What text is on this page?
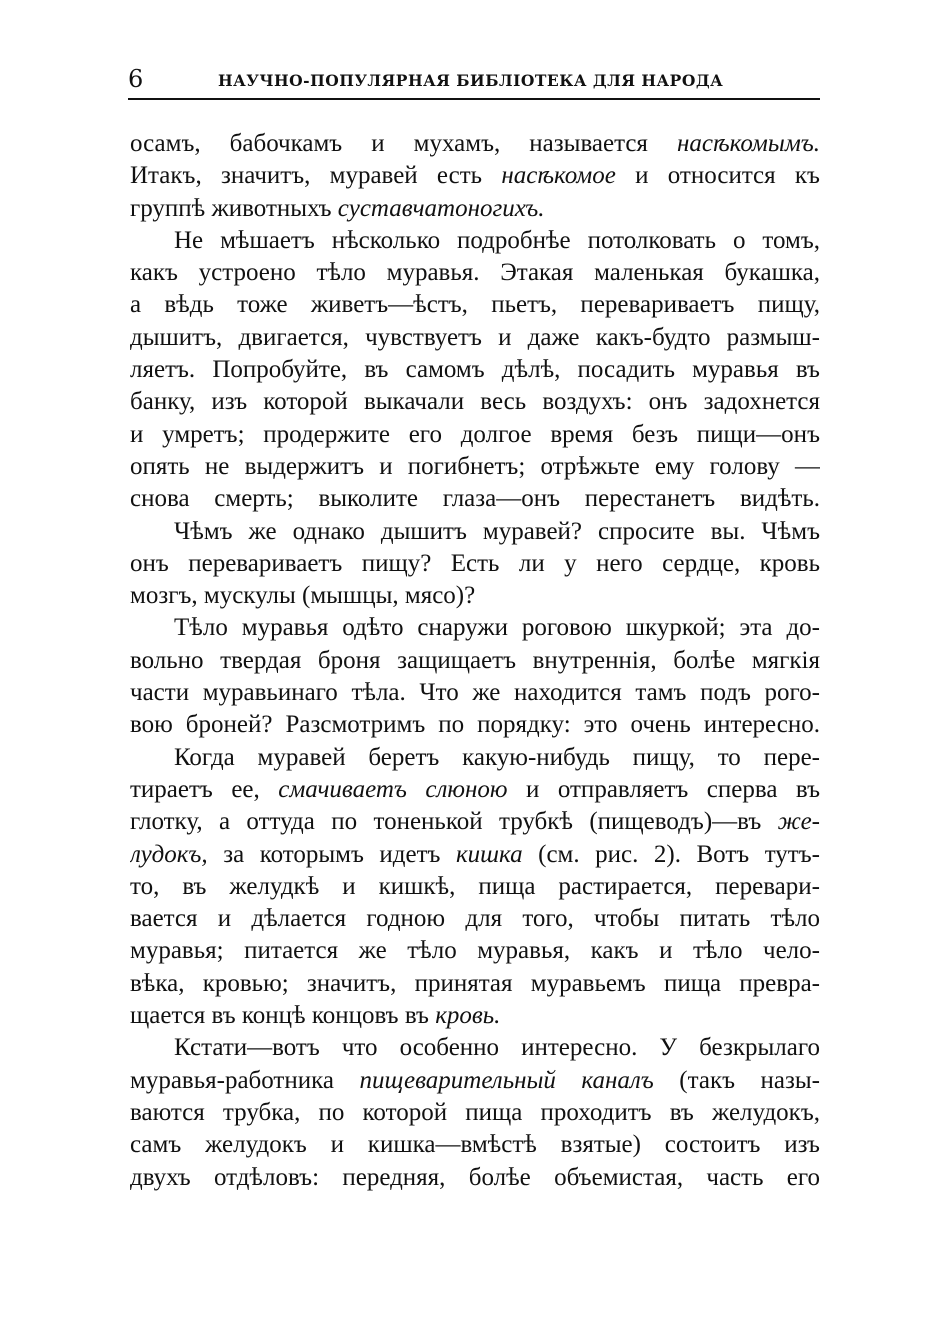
6	НАУЧНО-ПОПУЛЯРНАЯ БИБЛІОТЕКА ДЛЯ НАРОДА
осамъ, бабочкамъ и мухамъ, называется насѣкомымъ.
Итакъ, значитъ, муравей есть насѣкомое и относится къ
группѣ животныхъ суставчатоногихъ.
Не мѣшаетъ нѣсколько подробнѣе потолковать о томъ,
какъ устроено тѣло муравья. Этакая маленькая букашка,
а вѣдь тоже живетъ—ѣстъ, пьетъ, перевариваетъ пищу,
дышитъ, двигается, чувствуетъ и даже какъ-будто размыш-
ляетъ. Попробуйте, въ самомъ дѣлѣ, посадить муравья въ
банку, изъ которой выкачали весь воздухъ: онъ задохнется
и умретъ; продержите его долгое время безъ пищи—онъ
опять не выдержитъ и погибнетъ; отрѣжьте ему голову —
снова смерть; выколите глаза—онъ перестанетъ видѣть.
Чѣмъ же однако дышитъ муравей? спросите вы. Чѣмъ
онъ перевариваетъ пищу? Есть ли у него сердце, кровь
мозгъ, мускулы (мышцы, мясо)?
Тѣло муравья одѣто снаружи роговою шкуркой; эта до-
вольно твердая броня защищаетъ внутреннія, болѣе мягкія
части муравьинаго тѣла. Что же находится тамъ подъ рого-
вою броней? Разсмотримъ по порядку: это очень интересно.
Когда муравей беретъ какую-нибудь пищу, то пере-
тираетъ ее, смачиваетъ слюною и отправляетъ сперва въ
глотку, а оттуда по тоненькой трубкѣ (пищеводъ)—въ же-
лудокъ, за которымъ идетъ кишка (см. рис. 2). Вотъ тутъ-
то, въ желудкѣ и кишкѣ, пища растирается, перевари-
вается и дѣлается годною для того, чтобы питать тѣло
муравья; питается же тѣло муравья, какъ и тѣло чело-
вѣка, кровью; значитъ, принятая муравьемъ пища превра-
щается въ концѣ концовъ въ кровь.
Кстати—вотъ что особенно интересно. У безкрылаго
муравья-работника пищеварительный каналъ (такъ назы-
ваются трубка, по которой пища проходитъ въ желудокъ,
самъ желудокъ и кишка—вмѣстѣ взятые) состоитъ изъ
двухъ отдѣловъ: передняя, болѣе объемистая, часть его
